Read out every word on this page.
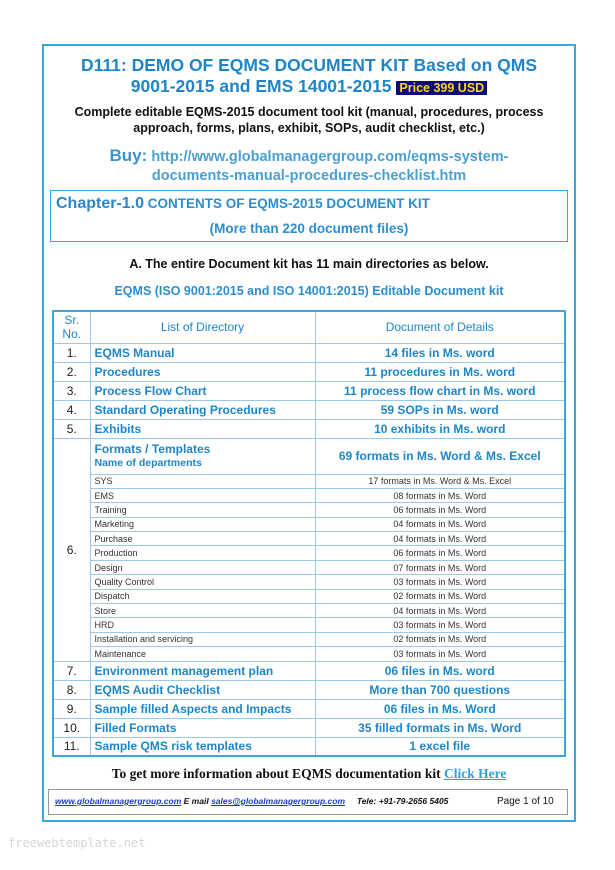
D111: DEMO OF EQMS DOCUMENT KIT Based on QMS
9001-2015 and EMS 14001-2015 Price 399 USD
Complete editable EQMS-2015 document tool kit (manual, procedures, process
approach, forms, plans, exhibit, SOPs, audit checklist, etc.)
Buy: http://www.globalmanagergroup.com/eqms-system-
documents-manual-procedures-checklist.htm
Chapter-1.0 CONTENTS OF EQMS-2015 DOCUMENT KIT
(More than 220 document files)
A. The entire Document kit has 11 main directories as below.
EQMS (ISO 9001:2015 and ISO 14001:2015) Editable Document kit
Sr.
No.	List of Directory	Document of Details
1.	EQMS Manual	14 files in Ms. word
2.	Procedures	11 procedures in Ms. word
3.	Process Flow Chart	11 process flow chart in Ms. word
4.	Standard Operating Procedures	59 SOPs in Ms. word
5.	Exhibits	10 exhibits in Ms. word
6.	Formats / Templates
Name of departments	69 formats in Ms. Word & Ms. Excel
	SYS	17 formats in Ms. Word & Ms. Excel
	EMS	08 formats in Ms. Word
	Training	06 formats in Ms. Word
	Marketing	04 formats in Ms. Word
	Purchase	04 formats in Ms. Word
	Production	06 formats in Ms. Word
	Design	07 formats in Ms. Word
	Quality Control	03 formats in Ms. Word
	Dispatch	02 formats in Ms. Word
	Store	04 formats in Ms. Word
	HRD	03 formats in Ms. Word
	Installation and servicing	02 formats in Ms. Word
	Maintenance	03 formats in Ms. Word
7.	Environment management plan	06 files in Ms. word
8.	EQMS Audit Checklist	More than 700 questions
9.	Sample filled Aspects and Impacts	06 files in Ms. Word
10.	Filled Formats	35 filled formats in Ms. Word
11.	Sample QMS risk templates	1 excel file
To get more information about EQMS documentation kit Click Here
www.globalmanagergroup.com E mail sales@globalmanagergroup.com Tele: +91-79-2656 5405	Page 1 of 10
freewebtemplate.net
